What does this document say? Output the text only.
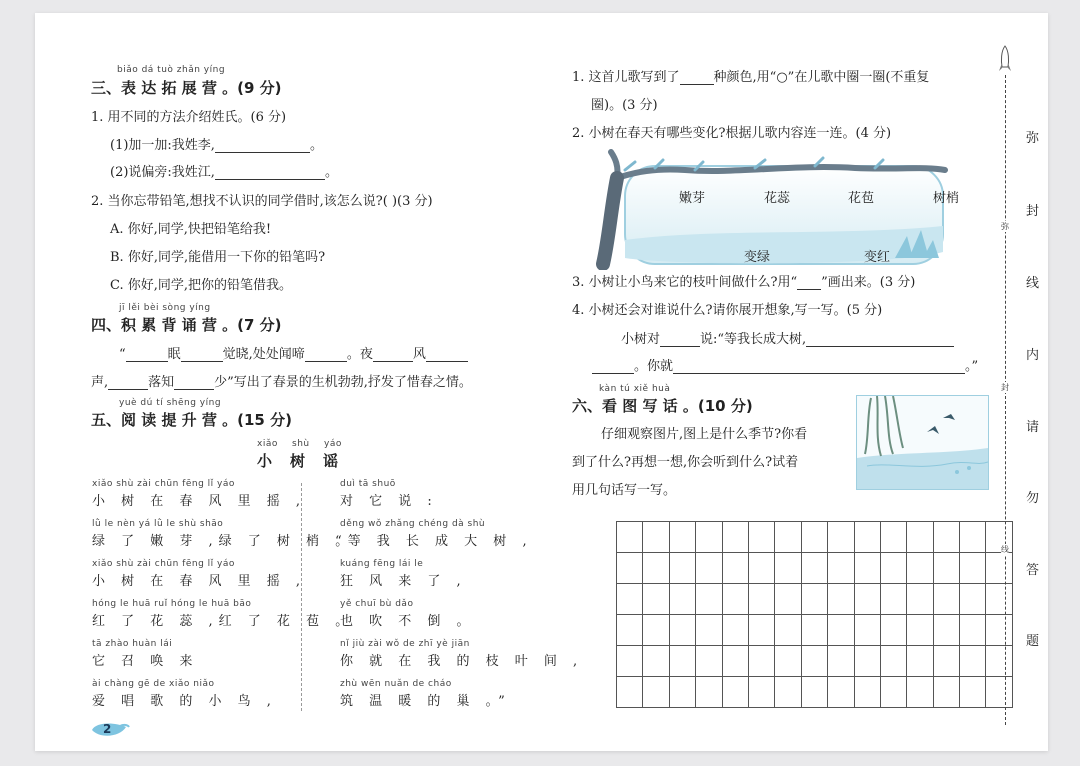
biǎo dá tuò zhǎn yíng
三、表 达 拓 展 营 。(9 分)
1. 用不同的方法介绍姓氏。(6 分)
(1)加一加:我姓李,	。
(2)说偏旁:我姓江,	。
2. 当你忘带铅笔,想找不认识的同学借时,该怎么说?( )(3 分)
A. 你好,同学,快把铅笔给我!
B. 你好,同学,能借用一下你的铅笔吗?
C. 你好,同学,把你的铅笔借我。
jī lěi bèi sòng yíng
四、积 累 背 诵 营 。(7 分)
“	眠	觉晓,处处闻啼	。夜	风
声,	落知	少”写出了春景的生机勃勃,抒发了惜春之情。
yuè dú tí shēng yíng
五、阅 读 提 升 营 。(15 分)
xiǎo shù yáo
小 树 谣
xiǎo shù zài chūn fēng lǐ yáo
小 树 在 春 风 里 摇 ,
lǜ le nèn yá lǜ le shù shāo
绿 了 嫩 芽 ,绿 了 树 梢 。
xiǎo shù zài chūn fēng lǐ yáo
小 树 在 春 风 里 摇 ,
hóng le huā ruǐ hóng le huā bāo
红 了 花 蕊 ,红 了 花 苞 。
tā zhào huàn lái
它 召 唤 来
ài chàng gē de xiǎo niǎo
爱 唱 歌 的 小 鸟 ,
duì tā shuō
对 它 说 :
děng wǒ zhǎng chéng dà shù
“等 我 长 成 大 树 ,
kuáng fēng lái le
狂 风 来 了 ,
yě chuī bù dǎo
也 吹 不 倒 。
nǐ jiù zài wǒ de zhī yè jiān
你 就 在 我 的 枝 叶 间 ,
zhù wēn nuǎn de cháo
筑 温 暖 的 巢 。”
2
1. 这首儿歌写到了	种颜色,用“○”在儿歌中圈一圈(不重复
圈)。(3 分)
2. 小树在春天有哪些变化?根据儿歌内容连一连。(4 分)
嫩芽	花蕊	花苞	树梢
变绿	变红
3. 小树让小鸟来它的枝叶间做什么?用“ ”画出来。(3 分)
4. 小树还会对谁说什么?请你展开想象,写一写。(5 分)
小树对	说:“等我长成大树,
。你就	。”
kàn tú xiě huà
六、看 图 写 话 。(10 分)
仔细观察图片,图上是什么季节?你看
到了什么?再想一想,你会听到什么?试着
用几句话写一写。

弥
封
线
弥
封
线
内
请
勿
答
题
